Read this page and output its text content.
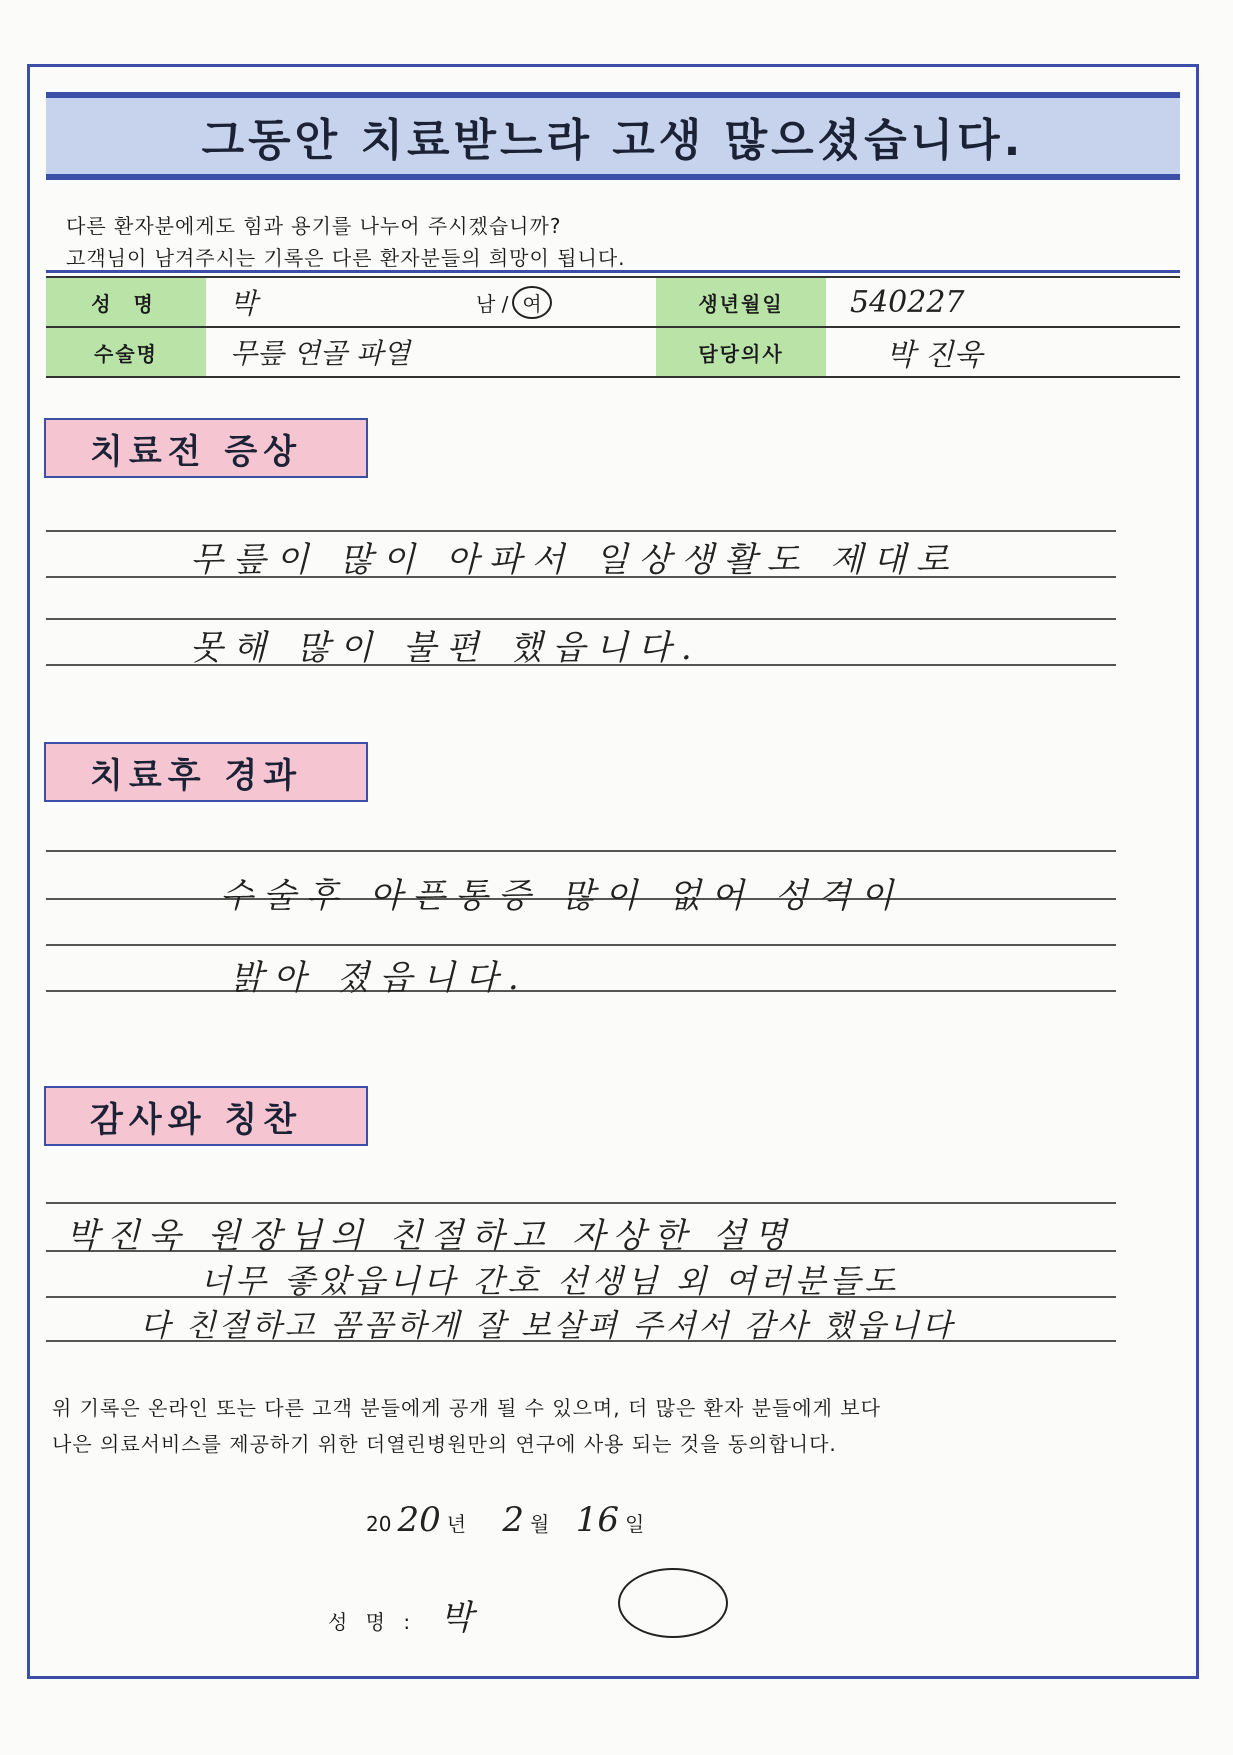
그동안 치료받느라 고생 많으셨습니다.
다른 환자분에게도 힘과 용기를 나누어 주시겠습니까?
고객님이 남겨주시는 기록은 다른 환자분들의 희망이 됩니다.
성 명	박	남 / 여	생년월일	540227
수술명	무릎 연골 파열		담당의사	박 진욱
치료전 증상
무릎이 많이 아파서 일상생활도 제대로
못해 많이 불편 했읍니다.
치료후 경과
수술후 아픈통증 많이 없어 성격이
밝아 졌읍니다.
감사와 칭찬
박진욱 원장님의 친절하고 자상한 설명
너무 좋았읍니다 간호 선생님 외 여러분들도
다 친절하고 꼼꼼하게 잘 보살펴 주셔서 감사 했읍니다
위 기록은 온라인 또는 다른 고객 분들에게 공개 될 수 있으며, 더 많은 환자 분들에게 보다
나은 의료서비스를 제공하기 위한 더열린병원만의 연구에 사용 되는 것을 동의합니다.
20 20 년 2 월 16 일
성 명 : 박
